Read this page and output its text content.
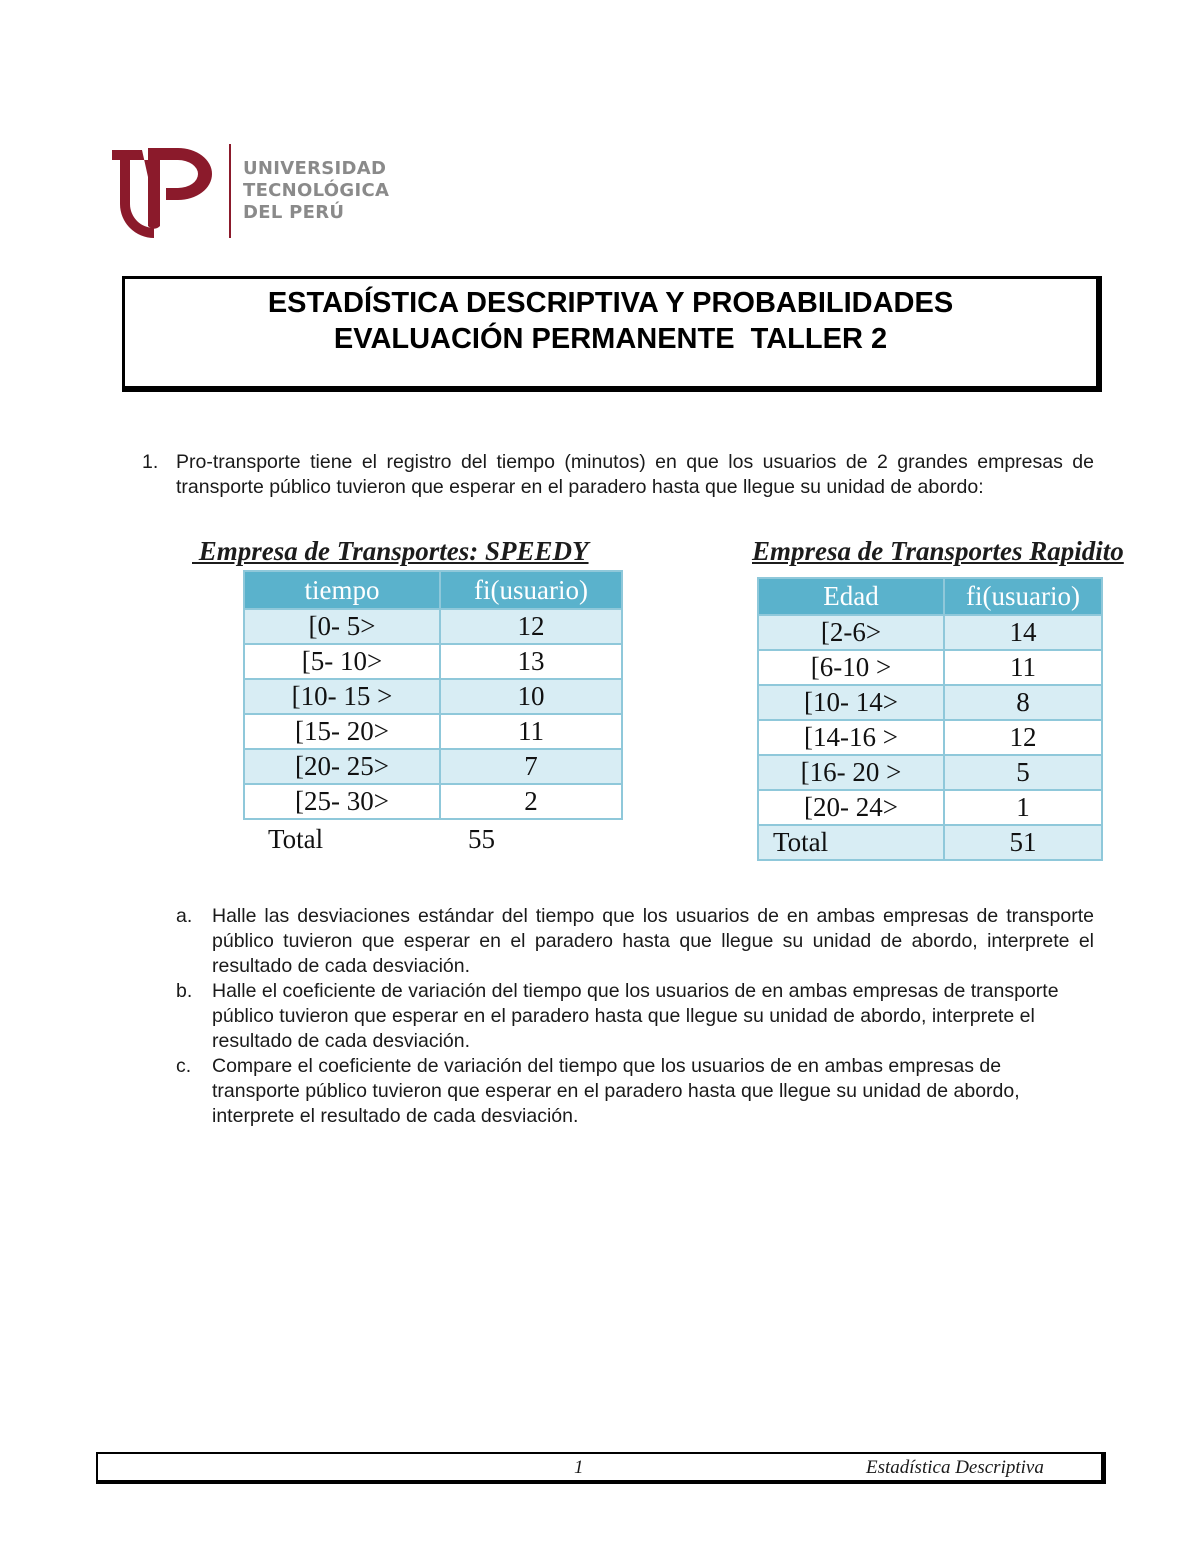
UNIVERSIDAD
TECNOLÓGICA
DEL PERÚ
ESTADÍSTICA DESCRIPTIVA Y PROBABILIDADES
EVALUACIÓN PERMANENTE  TALLER 2
1. Pro-transporte tiene el registro del tiempo (minutos) en que los usuarios de 2 grandes empresas de transporte público tuvieron que esperar en el paradero hasta que llegue su unidad de abordo:
Empresa de Transportes: SPEEDY
tiempo	fi(usuario)
[0- 5>	12
[5- 10>	13
[10- 15 >	10
[15- 20>	11
[20- 25>	7
[25- 30>	2
Total	55
Empresa de Transportes Rapidito
Edad	fi(usuario)
[2-6>	14
[6-10 >	11
[10- 14>	8
[14-16 >	12
[16- 20 >	5
[20- 24>	1
Total	51
a. Halle las desviaciones estándar del tiempo que los usuarios de en ambas empresas de transporte público tuvieron que esperar en el paradero hasta que llegue su unidad de abordo, interprete el resultado de cada desviación.
b. Halle el coeficiente de variación del tiempo que los usuarios de en ambas empresas de transporte público tuvieron que esperar en el paradero hasta que llegue su unidad de abordo, interprete el resultado de cada desviación.
c. Compare el coeficiente de variación del tiempo que los usuarios de en ambas empresas de transporte público tuvieron que esperar en el paradero hasta que llegue su unidad de abordo, interprete el resultado de cada desviación.
1	Estadística Descriptiva
